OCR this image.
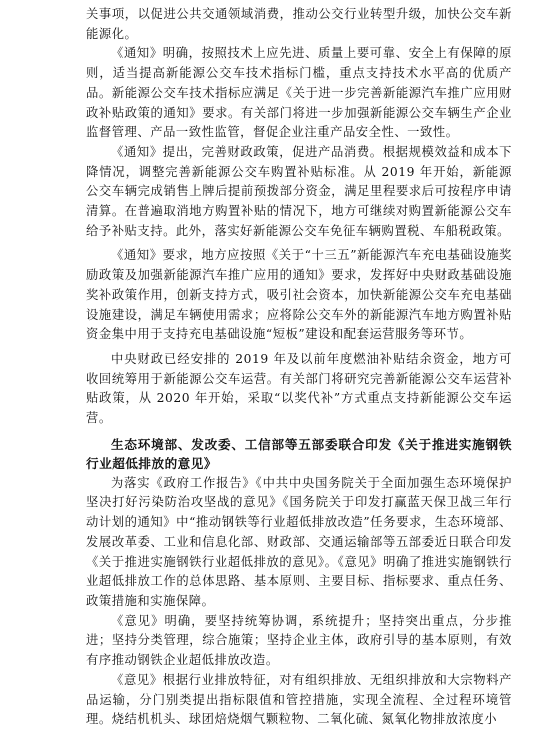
关事项，以促进公共交通领域消费，推动公交行业转型升级，加快公交车新能源化。

《通知》明确，按照技术上应先进、质量上要可靠、安全上有保障的原则，适当提高新能源公交车技术指标门槛，重点支持技术水平高的优质产品。新能源公交车技术指标应满足《关于进一步完善新能源汽车推广应用财政补贴政策的通知》要求。有关部门将进一步加强新能源公交车辆生产企业监督管理、产品一致性监管，督促企业注重产品安全性、一致性。

《通知》提出，完善财政政策，促进产品消费。根据规模效益和成本下降情况，调整完善新能源公交车购置补贴标准。从 2019 年开始，新能源公交车辆完成销售上牌后提前预拨部分资金，满足里程要求后可按程序申请清算。在普遍取消地方购置补贴的情况下，地方可继续对购置新能源公交车给予补贴支持。此外，落实好新能源公交车免征车辆购置税、车船税政策。

《通知》要求，地方应按照《关于“十三五”新能源汽车充电基础设施奖励政策及加强新能源汽车推广应用的通知》要求，发挥好中央财政基础设施奖补政策作用，创新支持方式，吸引社会资本，加快新能源公交车充电基础设施建设，满足车辆使用需求；应将除公交车外的新能源汽车地方购置补贴资金集中用于支持充电基础设施“短板”建设和配套运营服务等环节。

中央财政已经安排的 2019 年及以前年度燃油补贴结余资金，地方可收回统筹用于新能源公交车运营。有关部门将研究完善新能源公交车运营补贴政策，从 2020 年开始，采取“以奖代补”方式重点支持新能源公交车运营。

生态环境部、发改委、工信部等五部委联合印发《关于推进实施钢铁行业超低排放的意见》

为落实《政府工作报告》《中共中央国务院关于全面加强生态环境保护坚决打好污染防治攻坚战的意见》《国务院关于印发打赢蓝天保卫战三年行动计划的通知》中“推动钢铁等行业超低排放改造”任务要求，生态环境部、发展改革委、工业和信息化部、财政部、交通运输部等五部委近日联合印发《关于推进实施钢铁行业超低排放的意见》。《意见》明确了推进实施钢铁行业超低排放工作的总体思路、基本原则、主要目标、指标要求、重点任务、政策措施和实施保障。

《意见》明确，要坚持统筹协调，系统提升；坚持突出重点，分步推进；坚持分类管理，综合施策；坚持企业主体，政府引导的基本原则，有效有序推动钢铁企业超低排放改造。

《意见》根据行业排放特征，对有组织排放、无组织排放和大宗物料产品运输，分门别类提出指标限值和管控措施，实现全流程、全过程环境管理。烧结机机头、球团焙烧烟气颗粒物、二氧化硫、氮氧化物排放浓度小
